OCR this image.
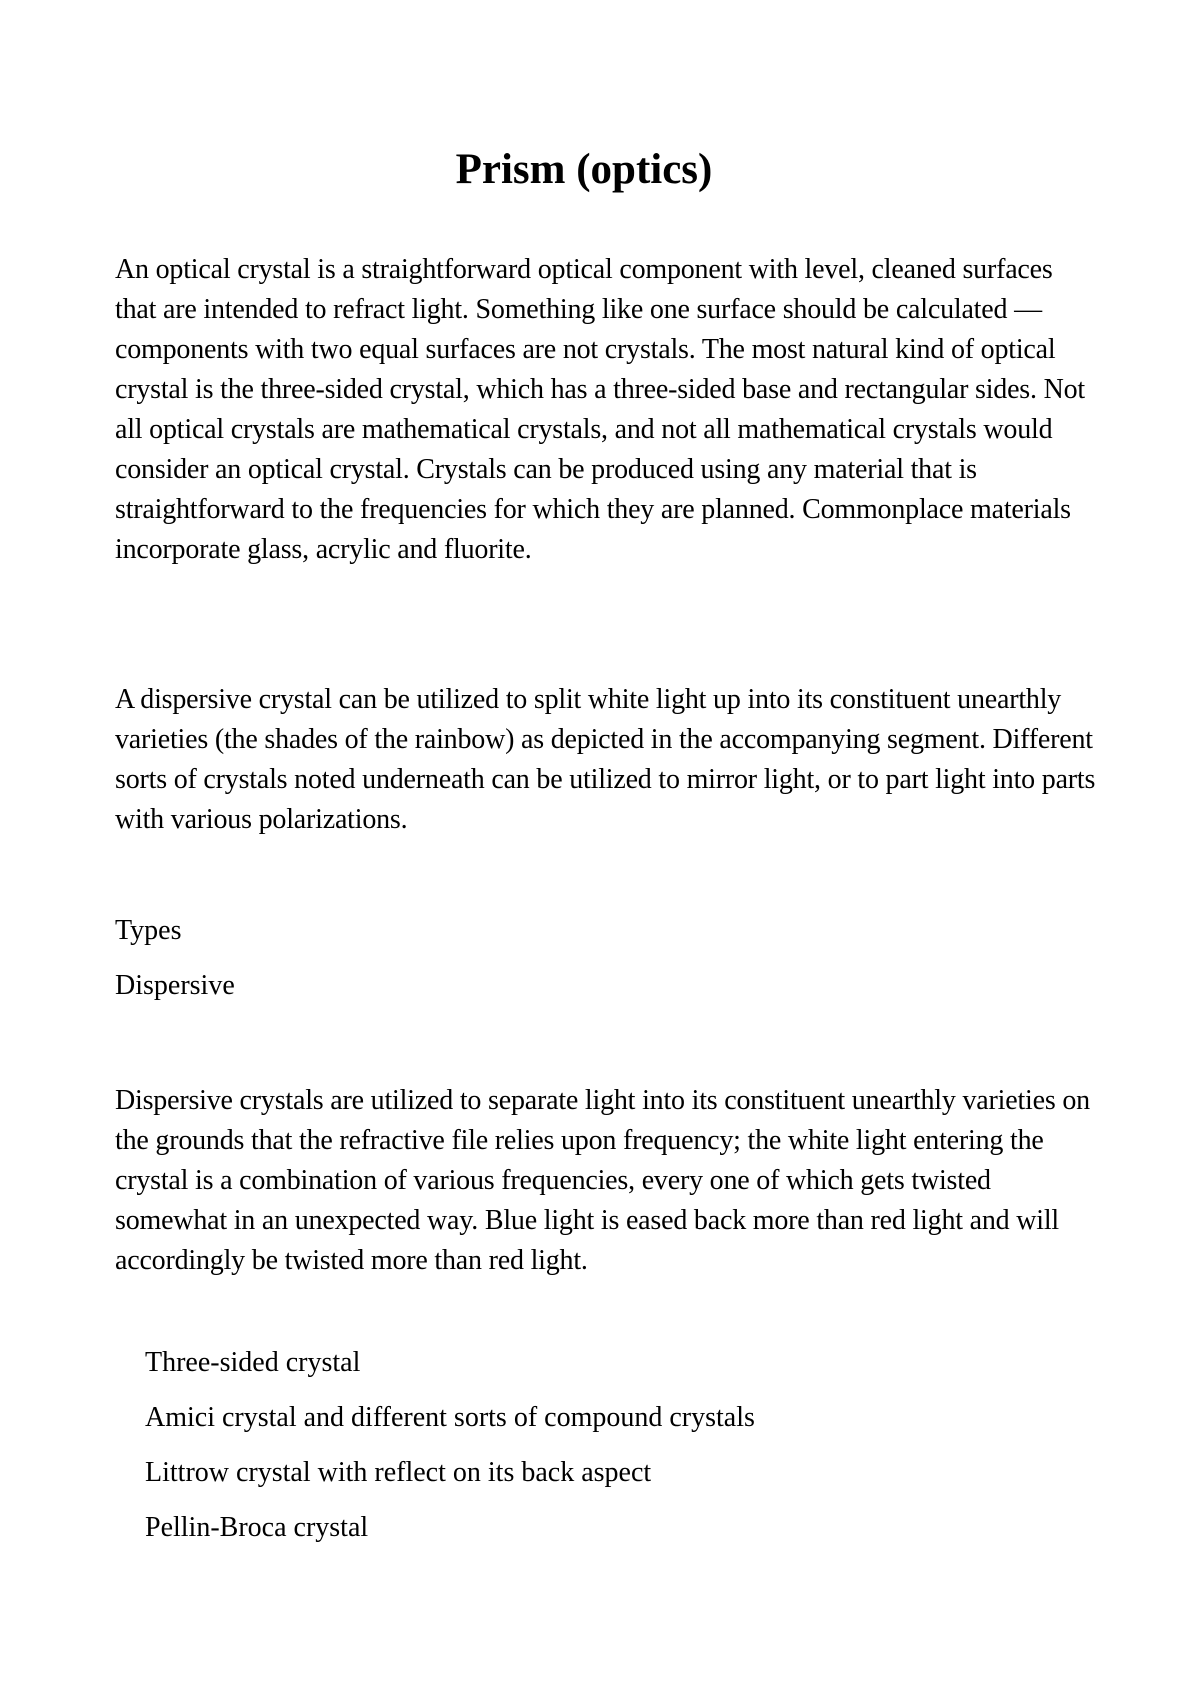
Prism (optics)

An optical crystal is a straightforward optical component with level, cleaned surfaces that are intended to refract light. Something like one surface should be calculated — components with two equal surfaces are not crystals. The most natural kind of optical crystal is the three-sided crystal, which has a three-sided base and rectangular sides. Not all optical crystals are mathematical crystals, and not all mathematical crystals would consider an optical crystal. Crystals can be produced using any material that is straightforward to the frequencies for which they are planned. Commonplace materials incorporate glass, acrylic and fluorite.

A dispersive crystal can be utilized to split white light up into its constituent unearthly varieties (the shades of the rainbow) as depicted in the accompanying segment. Different sorts of crystals noted underneath can be utilized to mirror light, or to part light into parts with various polarizations.

Types

Dispersive

Dispersive crystals are utilized to separate light into its constituent unearthly varieties on the grounds that the refractive file relies upon frequency; the white light entering the crystal is a combination of various frequencies, every one of which gets twisted somewhat in an unexpected way. Blue light is eased back more than red light and will accordingly be twisted more than red light.

Three-sided crystal
Amici crystal and different sorts of compound crystals
Littrow crystal with reflect on its back aspect
Pellin-Broca crystal
